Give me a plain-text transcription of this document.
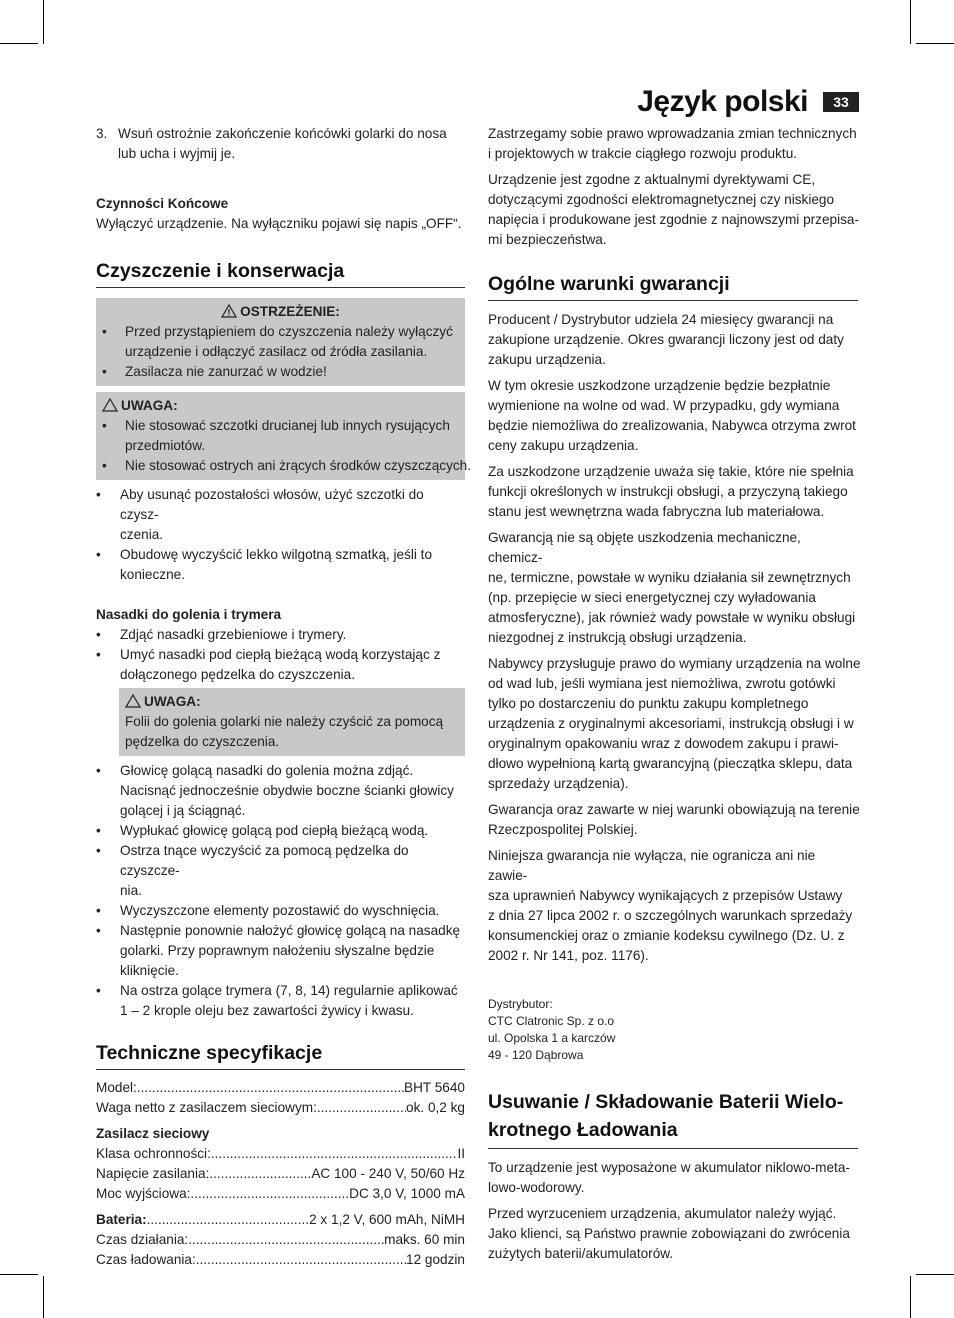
Język polski	33
3. Wsuń ostrożnie zakończenie końcówki golarki do nosa
lub ucha i wyjmij je.
Czynności Końcowe
Wyłączyć urządzenie. Na wyłączniku pojawi się napis „OFF“.
Czyszczenie i konserwacja
OSTRZEŻENIE:
• Przed przystąpieniem do czyszczenia należy wyłączyć
urządzenie i odłączyć zasilacz od źródła zasilania.
• Zasilacza nie zanurzać w wodzie!
UWAGA:
• Nie stosować szczotki drucianej lub innych rysujących
przedmiotów.
• Nie stosować ostrych ani żrących środków czyszczących.
• Aby usunąć pozostałości włosów, użyć szczotki do czysz-
czenia.
• Obudowę wyczyścić lekko wilgotną szmatką, jeśli to
konieczne.
Nasadki do golenia i trymera
• Zdjąć nasadki grzebieniowe i trymery.
• Umyć nasadki pod ciepłą bieżącą wodą korzystając z
dołączonego pędzelka do czyszczenia.
UWAGA:
Folii do golenia golarki nie należy czyścić za pomocą
pędzelka do czyszczenia.
• Głowicę golącą nasadki do golenia można zdjąć.
Nacisnąć jednocześnie obydwie boczne ścianki głowicy
golącej i ją ściągnąć.
• Wypłukać głowicę golącą pod ciepłą bieżącą wodą.
• Ostrza tnące wyczyścić za pomocą pędzelka do czyszcze-
nia.
• Wyczyszczone elementy pozostawić do wyschnięcia.
• Następnie ponownie nałożyć głowicę golącą na nasadkę
golarki. Przy poprawnym nałożeniu słyszalne będzie
kliknięcie.
• Na ostrza golące trymera (7, 8, 14) regularnie aplikować
1 – 2 krople oleju bez zawartości żywicy i kwasu.
Techniczne specyfikacje
Model: .....	BHT 5640
Waga netto z zasilaczem sieciowym: .....	ok. 0,2 kg
Zasilacz sieciowy
Klasa ochronności: .....	II
Napięcie zasilania: .....	AC 100 - 240 V, 50/60 Hz
Moc wyjściowa: .....	DC 3,0 V, 1000 mA
Bateria: .....	2 x 1,2 V, 600 mAh, NiMH
Czas działania: .....	maks. 60 min
Czas ładowania: .....	12 godzin
Zastrzegamy sobie prawo wprowadzania zmian technicznych
i projektowych w trakcie ciągłego rozwoju produktu.
Urządzenie jest zgodne z aktualnymi dyrektywami CE,
dotyczącymi zgodności elektromagnetycznej czy niskiego
napięcia i produkowane jest zgodnie z najnowszymi przepisa-
mi bezpieczeństwa.
Ogólne warunki gwarancji
Producent / Dystrybutor udziela 24 miesięcy gwarancji na
zakupione urządzenie. Okres gwarancji liczony jest od daty
zakupu urządzenia.
W tym okresie uszkodzone urządzenie będzie bezpłatnie
wymienione na wolne od wad. W przypadku, gdy wymiana
będzie niemożliwa do zrealizowania, Nabywca otrzyma zwrot
ceny zakupu urządzenia.
Za uszkodzone urządzenie uważa się takie, które nie spełnia
funkcji określonych w instrukcji obsługi, a przyczyną takiego
stanu jest wewnętrzna wada fabryczna lub materiałowa.
Gwarancją nie są objęte uszkodzenia mechaniczne, chemicz-
ne, termiczne, powstałe w wyniku działania sił zewnętrznych
(np. przepięcie w sieci energetycznej czy wyładowania
atmosferyczne), jak również wady powstałe w wyniku obsługi
niezgodnej z instrukcją obsługi urządzenia.
Nabywcy przysługuje prawo do wymiany urządzenia na wolne
od wad lub, jeśli wymiana jest niemożliwa, zwrotu gotówki
tylko po dostarczeniu do punktu zakupu kompletnego
urządzenia z oryginalnymi akcesoriami, instrukcją obsługi i w
oryginalnym opakowaniu wraz z dowodem zakupu i prawi-
dłowo wypełnioną kartą gwarancyjną (pieczątka sklepu, data
sprzedaży urządzenia).
Gwarancja oraz zawarte w niej warunki obowiązują na terenie
Rzeczpospolitej Polskiej.
Niniejsza gwarancja nie wyłącza, nie ogranicza ani nie zawie-
sza uprawnień Nabywcy wynikających z przepisów Ustawy
z dnia 27 lipca 2002 r. o szczególnych warunkach sprzedaży
konsumenckiej oraz o zmianie kodeksu cywilnego (Dz. U. z
2002 r. Nr 141, poz. 1176).
Dystrybutor:
CTC Clatronic Sp. z o.o
ul. Opolska 1 a karczów
49 - 120 Dąbrowa
Usuwanie / Składowanie Baterii Wielo-
krotnego Ładowania
To urządzenie jest wyposażone w akumulator niklowo-meta-
lowo-wodorowy.
Przed wyrzuceniem urządzenia, akumulator należy wyjąć.
Jako klienci, są Państwo prawnie zobowiązani do zwrócenia
zużytych baterii/akumulatorów.
